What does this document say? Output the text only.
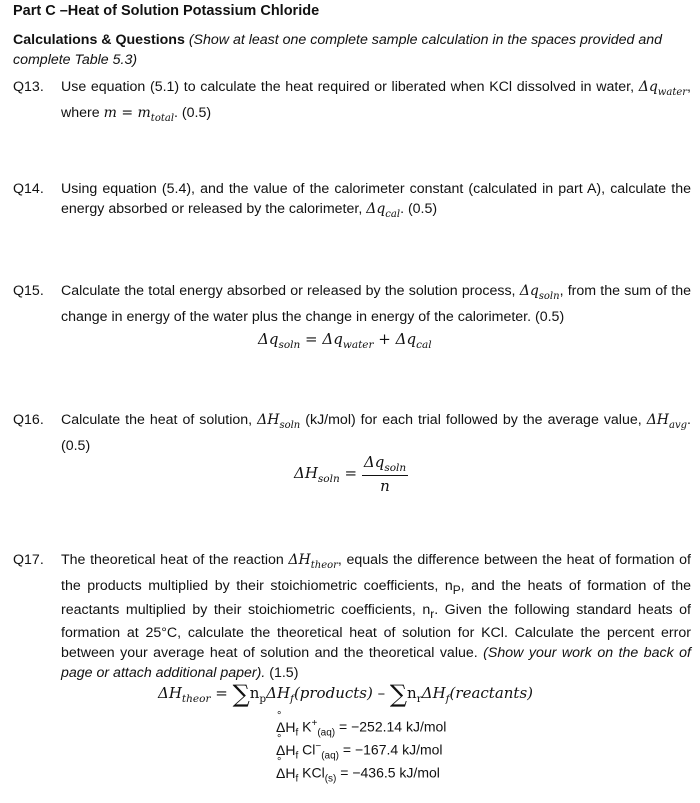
Part C –Heat of Solution Potassium Chloride
Calculations & Questions (Show at least one complete sample calculation in the spaces provided and complete Table 5.3)
Q13.	Use equation (5.1) to calculate the heat required or liberated when KCl dissolved in water, $\Delta q_{water}$, where $m = m_{total}$. (0.5)
Q14.	Using equation (5.4), and the value of the calorimeter constant (calculated in part A), calculate the energy absorbed or released by the calorimeter, $\Delta q_{cal}$. (0.5)
Q15.	Calculate the total energy absorbed or released by the solution process, $\Delta q_{soln}$, from the sum of the change in energy of the water plus the change in energy of the calorimeter. (0.5)
$\Delta q_{soln} = \Delta q_{water} + \Delta q_{cal}$
Q16.	Calculate the heat of solution, $\Delta H_{soln}$ (kJ/mol) for each trial followed by the average value, $\Delta H_{avg}$. (0.5)
$\Delta H_{soln} = \frac{\Delta q_{soln}}{n}$
Q17.	The theoretical heat of the reaction $\Delta H_{theor}$, equals the difference between the heat of formation of the products multiplied by their stoichiometric coefficients, $n_P$, and the heats of formation of the reactants multiplied by their stoichiometric coefficients, $n_r$. Given the following standard heats of formation at 25°C, calculate the theoretical heat of solution for KCl. Calculate the percent error between your average heat of solution and the theoretical value. (Show your work on the back of page or attach additional paper). (1.5)
$\Delta H_{theor}$ = $\sum n_p\Delta H_f(products)$ – $\sum n_r\Delta H_f(reactants)$
ΔH $^\circ_f$ $K^+_{(aq)} = -252.14$ kJ/mol
ΔH $^\circ_f$ $Cl^-_{(aq)} = -167.4$ kJ/mol
ΔH $^\circ_f$ KCl$_{(s)}$ = −436.5 kJ/mol
